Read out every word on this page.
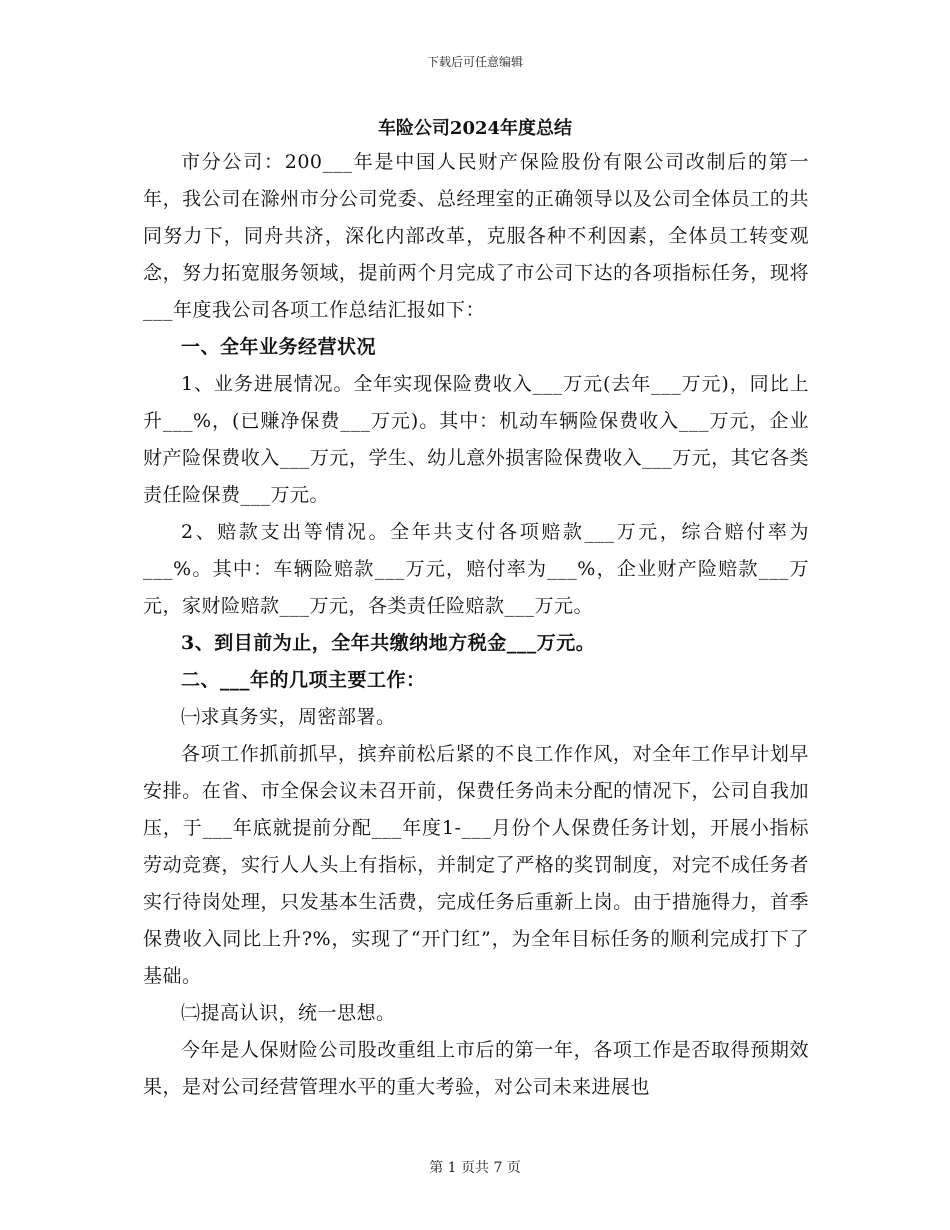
下载后可任意编辑
车险公司2024年度总结

市分公司：200___年是中国人民财产保险股份有限公司改制后的第一年，我公司在滁州市分公司党委、总经理室的正确领导以及公司全体员工的共同努力下，同舟共济，深化内部改革，克服各种不利因素，全体员工转变观念，努力拓宽服务领域，提前两个月完成了市公司下达的各项指标任务，现将___年度我公司各项工作总结汇报如下：

一、全年业务经营状况

1、业务进展情况。全年实现保险费收入___万元(去年___万元)，同比上升___%，(已赚净保费___万元)。其中：机动车辆险保费收入___万元，企业财产险保费收入___万元，学生、幼儿意外损害险保费收入___万元，其它各类责任险保费___万元。

2、赔款支出等情况。全年共支付各项赔款___万元，综合赔付率为___%。其中：车辆险赔款___万元，赔付率为___%，企业财产险赔款___万元，家财险赔款___万元，各类责任险赔款___万元。

3、到目前为止，全年共缴纳地方税金___万元。

二、___年的几项主要工作：

㈠求真务实，周密部署。

各项工作抓前抓早，摈弃前松后紧的不良工作作风，对全年工作早计划早安排。在省、市全保会议未召开前，保费任务尚未分配的情况下，公司自我加压，于___年底就提前分配___年度1-___月份个人保费任务计划，开展小指标劳动竞赛，实行人人头上有指标，并制定了严格的奖罚制度，对完不成任务者实行待岗处理，只发基本生活费，完成任务后重新上岗。由于措施得力，首季保费收入同比上升?%，实现了“开门红”，为全年目标任务的顺利完成打下了基础。

㈡提高认识，统一思想。

今年是人保财险公司股改重组上市后的第一年，各项工作是否取得预期效果，是对公司经营管理水平的重大考验，对公司未来进展也

第 1 页共 7 页
